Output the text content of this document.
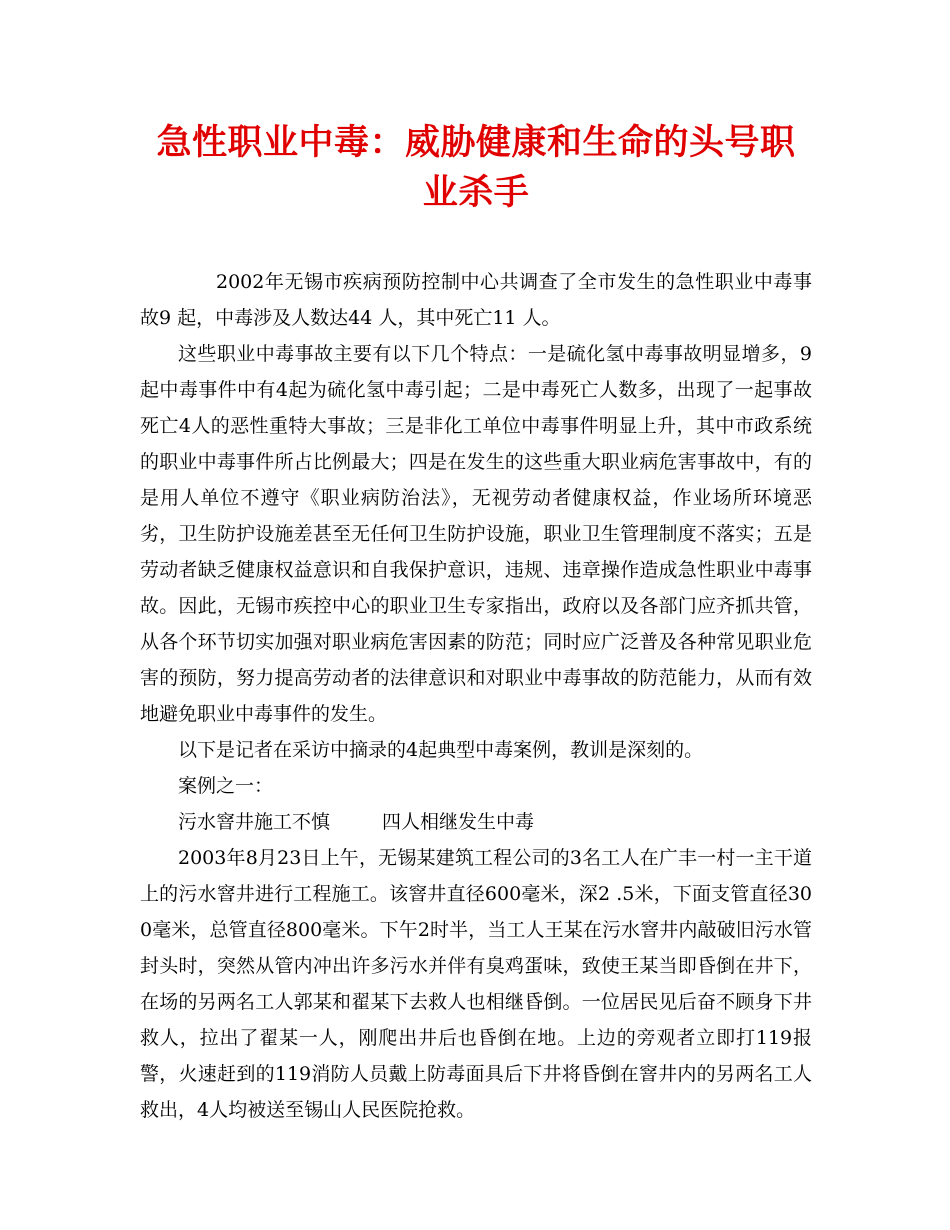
急性职业中毒：威胁健康和生命的头号职业杀手

2002年无锡市疾病预防控制中心共调查了全市发生的急性职业中毒事故9 起，中毒涉及人数达44 人，其中死亡11 人。

这些职业中毒事故主要有以下几个特点：一是硫化氢中毒事故明显增多，9起中毒事件中有4起为硫化氢中毒引起；二是中毒死亡人数多，出现了一起事故死亡4人的恶性重特大事故；三是非化工单位中毒事件明显上升，其中市政系统的职业中毒事件所占比例最大；四是在发生的这些重大职业病危害事故中，有的是用人单位不遵守《职业病防治法》，无视劳动者健康权益，作业场所环境恶劣，卫生防护设施差甚至无任何卫生防护设施，职业卫生管理制度不落实；五是劳动者缺乏健康权益意识和自我保护意识，违规、违章操作造成急性职业中毒事故。因此，无锡市疾控中心的职业卫生专家指出，政府以及各部门应齐抓共管，从各个环节切实加强对职业病危害因素的防范；同时应广泛普及各种常见职业危害的预防，努力提高劳动者的法律意识和对职业中毒事故的防范能力，从而有效地避免职业中毒事件的发生。

以下是记者在采访中摘录的4起典型中毒案例，教训是深刻的。

案例之一：

污水窨井施工不慎	四人相继发生中毒

2003年8月23日上午，无锡某建筑工程公司的3名工人在广丰一村一主干道上的污水窨井进行工程施工。该窨井直径600毫米，深2 .5米，下面支管直径300毫米，总管直径800毫米。下午2时半，当工人王某在污水窨井内敲破旧污水管封头时，突然从管内冲出许多污水并伴有臭鸡蛋味，致使王某当即昏倒在井下，在场的另两名工人郭某和翟某下去救人也相继昏倒。一位居民见后奋不顾身下井救人，拉出了翟某一人，刚爬出井后也昏倒在地。上边的旁观者立即打119报警，火速赶到的119消防人员戴上防毒面具后下井将昏倒在窨井内的另两名工人救出，4人均被送至锡山人民医院抢救。
